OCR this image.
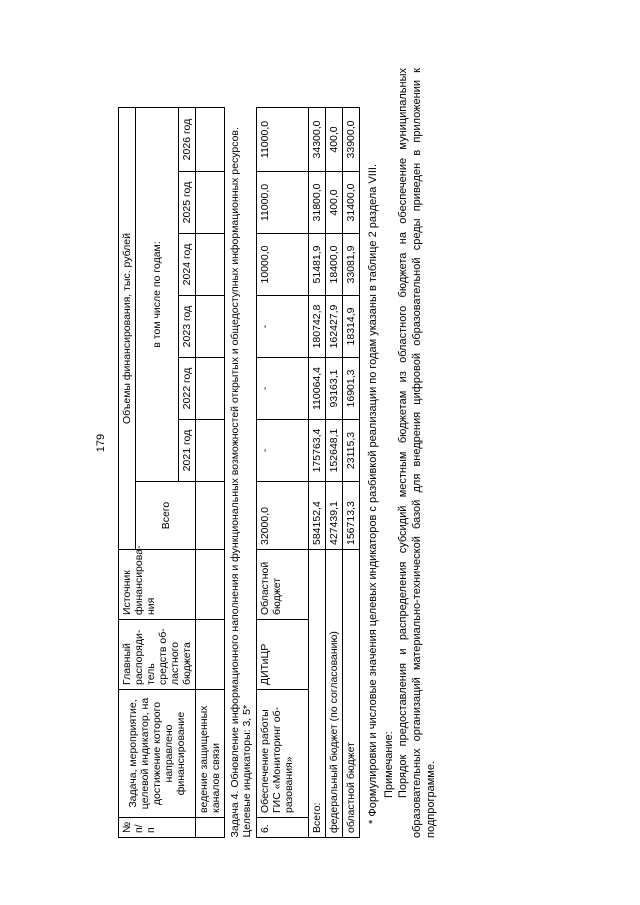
179
№ п/п	Задача, мероприятие, целевой индикатор, на достижение которого направлено финансирование	Главный распоряди-тель средств об-ластного бюджета	Источник финансирова-ния	Объемы финансирования, тыс. рублей						
				Всего	в том числе по годам:					
					2021 год	2022 год	2023 год	2024 год	2025 год	2026 год
	ведение защищенных каналов связи									

Задача 4. Обновление информационного наполнения и функциональных возможностей открытых и общедоступных информационных ресурсов. Целевые индикаторы: 3, 5*										

6.	Обеспечение работы ГИС «Мониторинг об-разования»	ДИТиЦР	Областной бюджет	32000,0	-	-	-	10000,0	11000,0	11000,0
Всего:				584152,4	175763,4	110064,4	180742,8	51481,9	31800,0	34300,0
федеральный бюджет (по согласованию)				427439,1	152648,1	93163,1	162427,9	18400,0	400,0	400,0
областной бюджет				156713,3	23115,3	16901,3	18314,9	33081,9	31400,0	33900,0
* Формулировки и числовые значения целевых индикаторов с разбивкой реализации по годам указаны в таблице 2 раздела VIII. Примечание: Порядок предоставления и распределения субсидий местным бюджетам из областного бюджета на обеспечение муниципальных образовательных организаций материально-технической базой для внедрения цифровой образовательной среды приведен в приложении к подпрограмме.
